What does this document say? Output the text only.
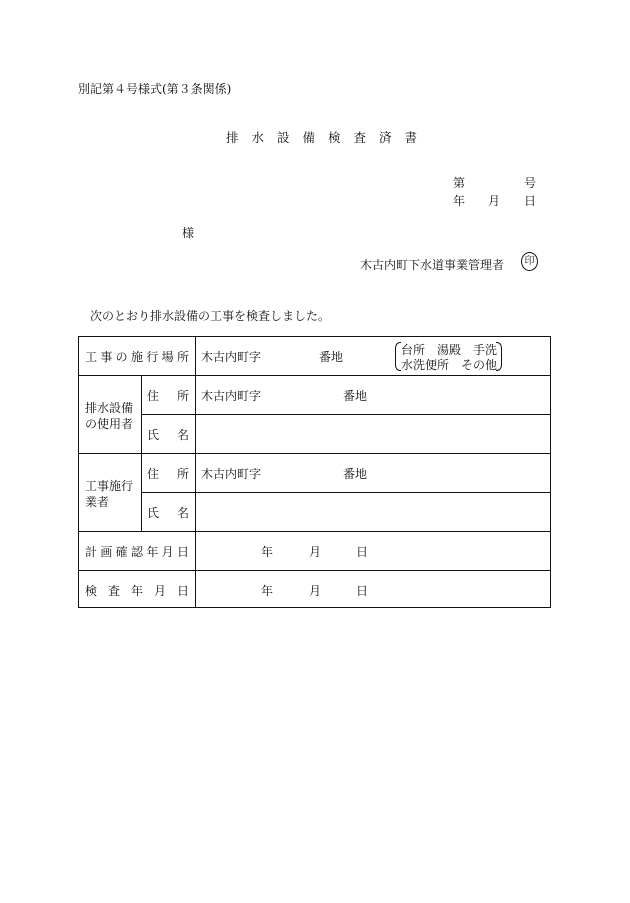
別記第４号様式(第３条関係)
排水設備検査済書
第	号
年 月 日
様
木古内町下水道事業管理者	印
次のとおり排水設備の工事を検査しました。
工 事 の 施 行 場 所 木古内町字	番地	台所　湯殿　手洗
水洗便所　その他
排水設備
の使用者
住 所 木古内町字	番地
氏 名
工事施行
業者
住 所 木古内町字	番地
氏 名
計 画 確 認 年 月 日	年	月	日
検 査 年 月 日	年	月	日
